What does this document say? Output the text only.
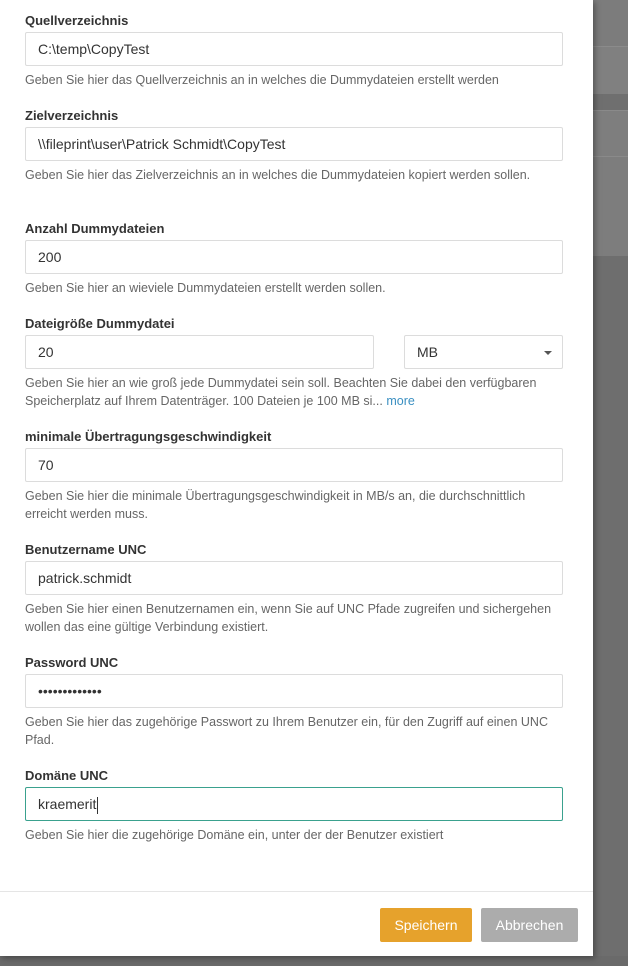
Quellverzeichnis
C:\temp\CopyTest
Geben Sie hier das Quellverzeichnis an in welches die Dummydateien erstellt werden
Zielverzeichnis
\\fileprint\user\Patrick Schmidt\CopyTest
Geben Sie hier das Zielverzeichnis an in welches die Dummydateien kopiert werden sollen.
Anzahl Dummydateien
200
Geben Sie hier an wieviele Dummydateien erstellt werden sollen.
Dateigröße Dummydatei
20	MB
Geben Sie hier an wie groß jede Dummydatei sein soll. Beachten Sie dabei den verfügbaren Speicherplatz auf Ihrem Datenträger. 100 Dateien je 100 MB si... more
minimale Übertragungsgeschwindigkeit
70
Geben Sie hier die minimale Übertragungsgeschwindigkeit in MB/s an, die durchschnittlich erreicht werden muss.
Benutzername UNC
patrick.schmidt
Geben Sie hier einen Benutzernamen ein, wenn Sie auf UNC Pfade zugreifen und sichergehen wollen das eine gültige Verbindung existiert.
Password UNC
•••••••••••••
Geben Sie hier das zugehörige Passwort zu Ihrem Benutzer ein, für den Zugriff auf einen UNC Pfad.
Domäne UNC
kraemerit
Geben Sie hier die zugehörige Domäne ein, unter der der Benutzer existiert
Speichern	Abbrechen
